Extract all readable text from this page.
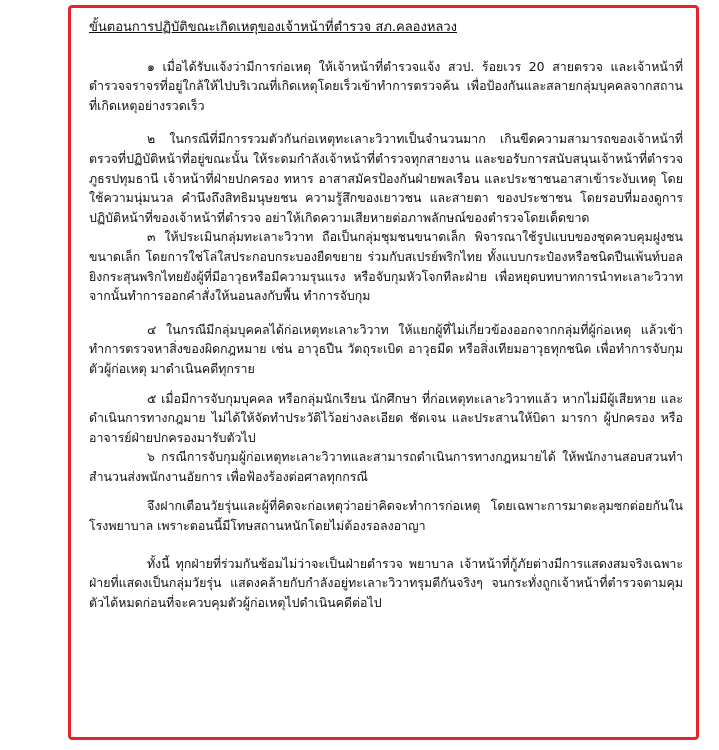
ขั้นตอนการปฏิบัติขณะเกิดเหตุของเจ้าหน้าที่ตำรวจ สภ.คลองหลวง

๑ เมื่อได้รับแจ้งว่ามีการก่อเหตุ ให้เจ้าหน้าที่ตำรวจแจ้ง สวป. ร้อยเวร 20 สายตรวจ และเจ้าหน้าที่ตำรวจจราจรที่อยู่ใกล้ให้ไปบริเวณที่เกิดเหตุโดยเร็วเข้าทำการตรวจค้น เพื่อป้องกันและสลายกลุ่มบุคคลจากสถานที่เกิดเหตุอย่างรวดเร็ว

๒ ในกรณีที่มีการรวมตัวกันก่อเหตุทะเลาะวิวาทเป็นจำนวนมาก เกินขีดความสามารถของเจ้าหน้าที่ตรวจที่ปฏิบัติหน้าที่อยู่ขณะนั้น ให้ระดมกำลังเจ้าหน้าที่ตำรวจทุกสายงาน และขอรับการสนับสนุนเจ้าหน้าที่ตำรวจภูธรปทุมธานี เจ้าหน้าที่ฝ่ายปกครอง ทหาร อาสาสมัครป้องกันฝ่ายพลเรือน และประชาชนอาสาเข้าระงับเหตุ โดยใช้ความนุ่มนวล คำนึงถึงสิทธิมนุษยชน ความรู้สึกของเยาวชน และสายตา ของประชาชน โดยรอบที่มองดูการปฏิบัติหน้าที่ของเจ้าหน้าที่ตำรวจ อย่าให้เกิดความเสียหายต่อภาพลักษณ์ของตำรวจโดยเด็ดขาด

๓ ให้ประเมินกลุ่มทะเลาะวิวาท ถือเป็นกลุ่มชุมชนขนาดเล็ก พิจารณาใช้รูปแบบของชุดควบคุมฝูงชนขนาดเล็ก โดยการใช่โล่ใสประกอบกระบองยืดขยาย ร่วมกับสเปรย์พริกไทย ทั้งแบบกระป๋องหรือชนิดปืนเพ้นท์บอลยิงกระสุนพริกไทยยังผู้ที่มีอาวุธหรือมีความรุนแรง หรือจับกุมหัวโจกทีละฝ่าย เพื่อหยุดบทบาทการนำทะเลาะวิวาท จากนั้นทำการออกคำสั่งให้นอนลงกับพื้น ทำการจับกุม

๔ ในกรณีมีกลุ่มบุคคลได้ก่อเหตุทะเลาะวิวาท ให้แยกผู้ที่ไม่เกี่ยวข้องออกจากกลุ่มที่ผู้ก่อเหตุ แล้วเข้าทำการตรวจหาสิ่งของผิดกฎหมาย เช่น อาวุธปืน วัตถุระเบิด อาวุธมีด หรือสิ่งเทียมอาวุธทุกชนิด เพื่อทำการจับกุมตัวผู้ก่อเหตุ มาดำเนินคดีทุกราย

๕ เมื่อมีการจับกุมบุคคล หรือกลุ่มนักเรียน นักศึกษา ที่ก่อเหตุทะเลาะวิวาทแล้ว หากไม่มีผู้เสียหาย และดำเนินการทางกฎมาย ไม่ได้ให้จัดทำประวัติไว้อย่างละเอียด ชัดเจน และประสานให้บิดา มารกา ผู้ปกครอง หรืออาจารย์ฝ่ายปกครองมารับตัวไป

๖ กรณีการจับกุมผู้ก่อเหตุทะเลาะวิวาทและสามารถดำเนินการทางกฎหมายได้ ให้พนักงานสอบสวนทำสำนวนส่งพนักงานอัยการ เพื่อฟ้องร้องต่อศาลทุกกรณี

จึงฝากเตือนวัยรุ่นและผู้ที่คิดจะก่อเหตุว่าอย่าคิดจะทำการก่อเหตุ โดยเฉพาะการมาตะลุมซกต่อยกันในโรงพยาบาล เพราะตอนนี้มีโทษสถานหนักโดยไม่ต้องรอลงอาญา

ทั้งนี้ ทุกฝ่ายที่ร่วมกันซ้อมไม่ว่าจะเป็นฝ่ายตำรวจ พยาบาล เจ้าหน้าที่กู้ภัยต่างมีการแสดงสมจริงเฉพาะฝ่ายที่แสดงเป็นกลุ่มวัยรุ่น แสดงคล้ายกับกำลังอยู่ทะเลาะวิวาทรุมตีกันจริงๆ จนกระทั่งถูกเจ้าหน้าที่ตำรวจตามคุมตัวได้หมดก่อนที่จะควบคุมตัวผู้ก่อเหตุไปดำเนินคดีต่อไป
